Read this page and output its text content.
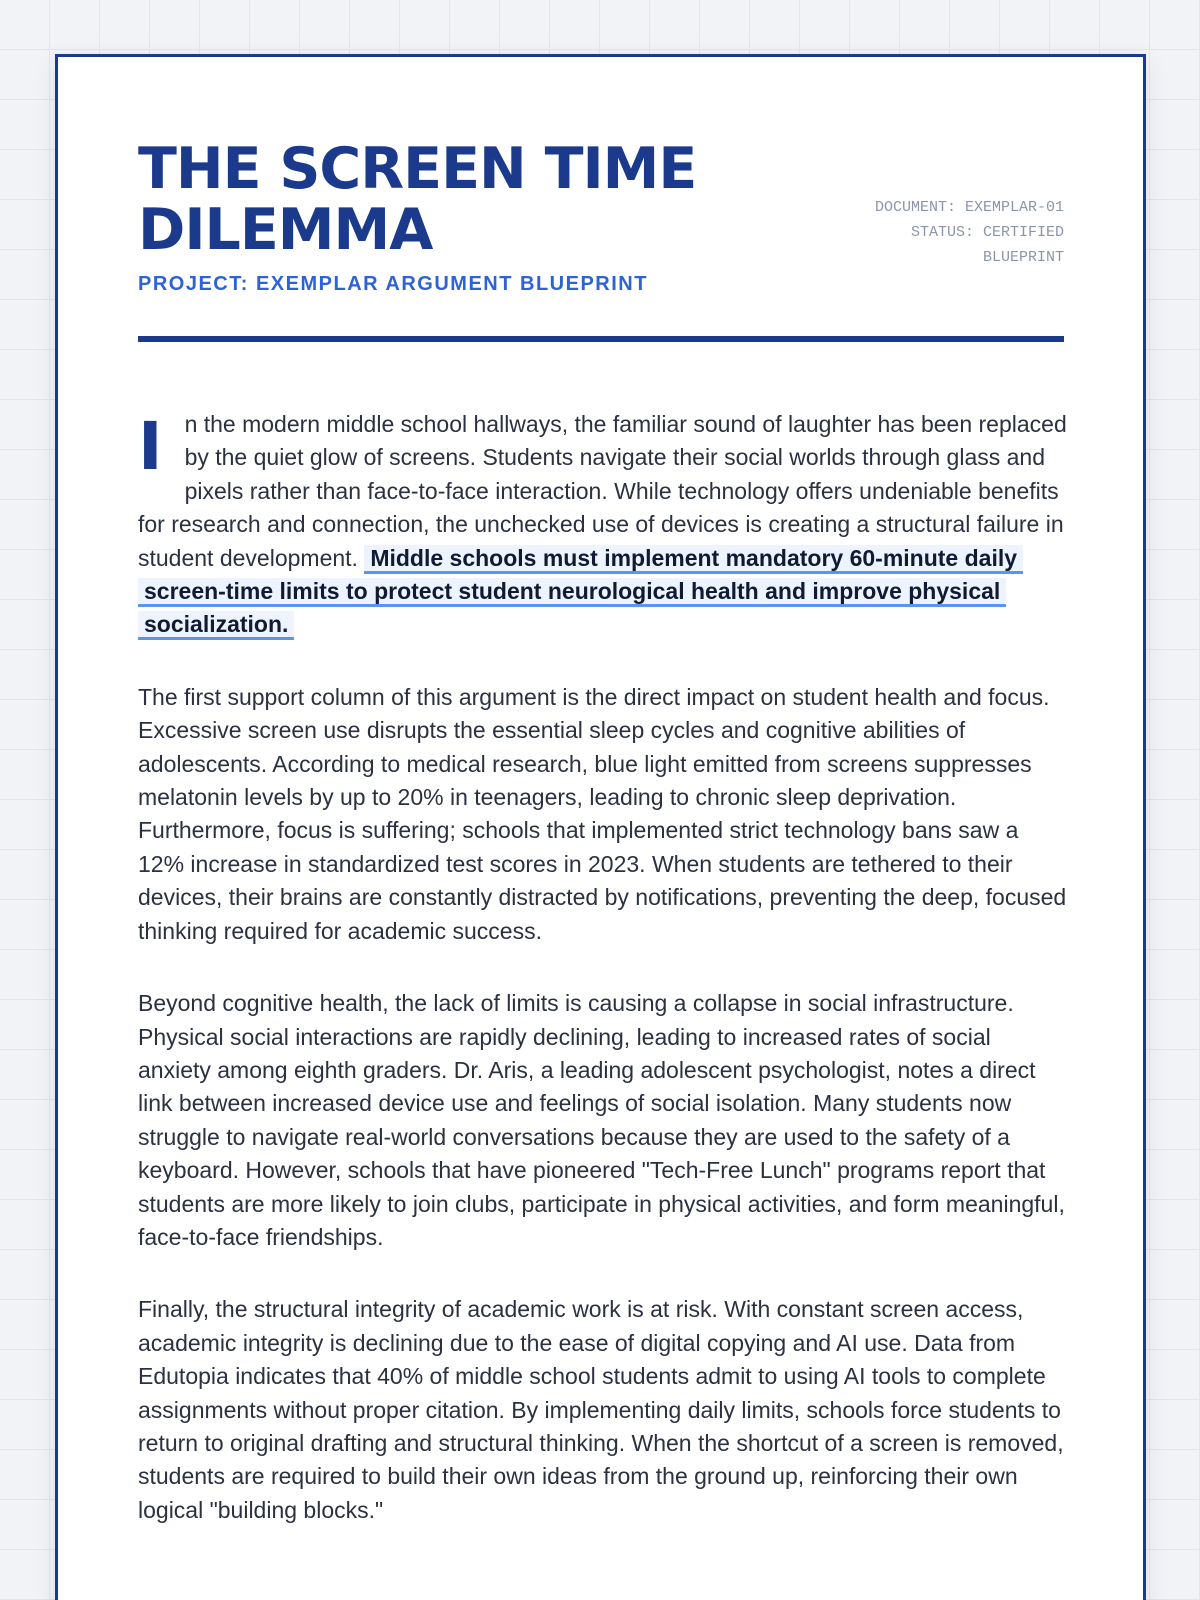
THE SCREEN TIME DILEMMA
PROJECT: EXEMPLAR ARGUMENT BLUEPRINT
DOCUMENT: EXEMPLAR-01
STATUS: CERTIFIED BLUEPRINT

In the modern middle school hallways, the familiar sound of laughter has been replaced by the quiet glow of screens. Students navigate their social worlds through glass and pixels rather than face-to-face interaction. While technology offers undeniable benefits for research and connection, the unchecked use of devices is creating a structural failure in student development. Middle schools must implement mandatory 60-minute daily screen-time limits to protect student neurological health and improve physical socialization.

The first support column of this argument is the direct impact on student health and focus. Excessive screen use disrupts the essential sleep cycles and cognitive abilities of adolescents. According to medical research, blue light emitted from screens suppresses melatonin levels by up to 20% in teenagers, leading to chronic sleep deprivation. Furthermore, focus is suffering; schools that implemented strict technology bans saw a 12% increase in standardized test scores in 2023. When students are tethered to their devices, their brains are constantly distracted by notifications, preventing the deep, focused thinking required for academic success.

Beyond cognitive health, the lack of limits is causing a collapse in social infrastructure. Physical social interactions are rapidly declining, leading to increased rates of social anxiety among eighth graders. Dr. Aris, a leading adolescent psychologist, notes a direct link between increased device use and feelings of social isolation. Many students now struggle to navigate real-world conversations because they are used to the safety of a keyboard. However, schools that have pioneered "Tech-Free Lunch" programs report that students are more likely to join clubs, participate in physical activities, and form meaningful, face-to-face friendships.

Finally, the structural integrity of academic work is at risk. With constant screen access, academic integrity is declining due to the ease of digital copying and AI use. Data from Edutopia indicates that 40% of middle school students admit to using AI tools to complete assignments without proper citation. By implementing daily limits, schools force students to return to original drafting and structural thinking. When the shortcut of a screen is removed, students are required to build their own ideas from the ground up, reinforcing their own logical "building blocks."
